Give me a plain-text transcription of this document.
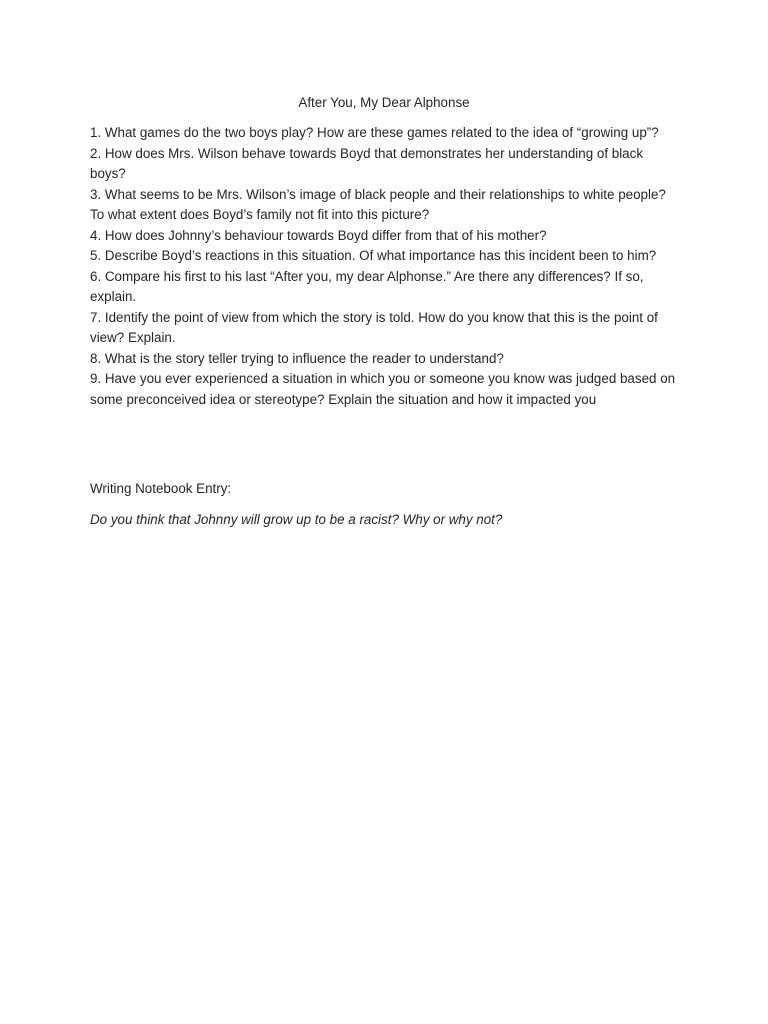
After You, My Dear Alphonse
1. What games do the two boys play? How are these games related to the idea of “growing up”?
2. How does Mrs. Wilson behave towards Boyd that demonstrates her understanding of black boys?
3. What seems to be Mrs. Wilson’s image of black people and their relationships to white people? To what extent does Boyd’s family not fit into this picture?
4. How does Johnny’s behaviour towards Boyd differ from that of his mother?
5. Describe Boyd’s reactions in this situation. Of what importance has this incident been to him?
6. Compare his first to his last “After you, my dear Alphonse.” Are there any differences? If so, explain.
7. Identify the point of view from which the story is told. How do you know that this is the point of view? Explain.
8. What is the story teller trying to influence the reader to understand?
9. Have you ever experienced a situation in which you or someone you know was judged based on some preconceived idea or stereotype? Explain the situation and how it impacted you
Writing Notebook Entry:
Do you think that Johnny will grow up to be a racist? Why or why not?
